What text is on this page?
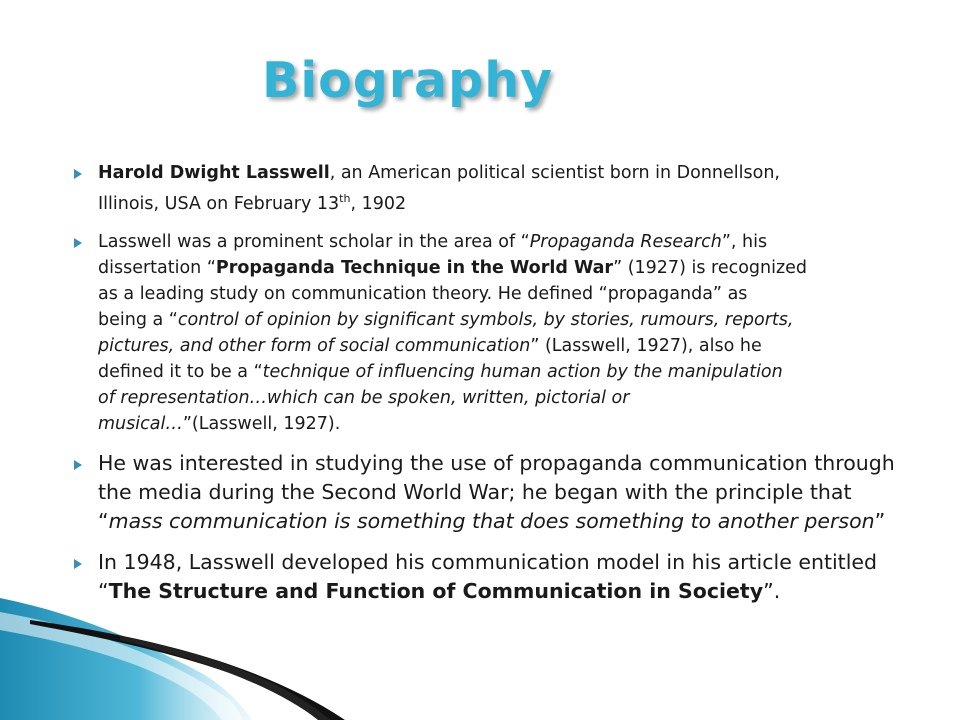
Biography

Harold Dwight Lasswell, an American political scientist born in Donnellson,
Illinois, USA on February 13th, 1902

Lasswell was a prominent scholar in the area of “Propaganda Research”, his
dissertation “Propaganda Technique in the World War” (1927) is recognized
as a leading study on communication theory. He defined “propaganda” as
being a “control of opinion by significant symbols, by stories, rumours, reports,
pictures, and other form of social communication” (Lasswell, 1927), also he
defined it to be a “technique of influencing human action by the manipulation
of representation…which can be spoken, written, pictorial or
musical…”(Lasswell, 1927).

He was interested in studying the use of propaganda communication through the media during the Second World War; he began with the principle that “mass communication is something that does something to another person”

In 1948, Lasswell developed his communication model in his article entitled “The Structure and Function of Communication in Society”.
